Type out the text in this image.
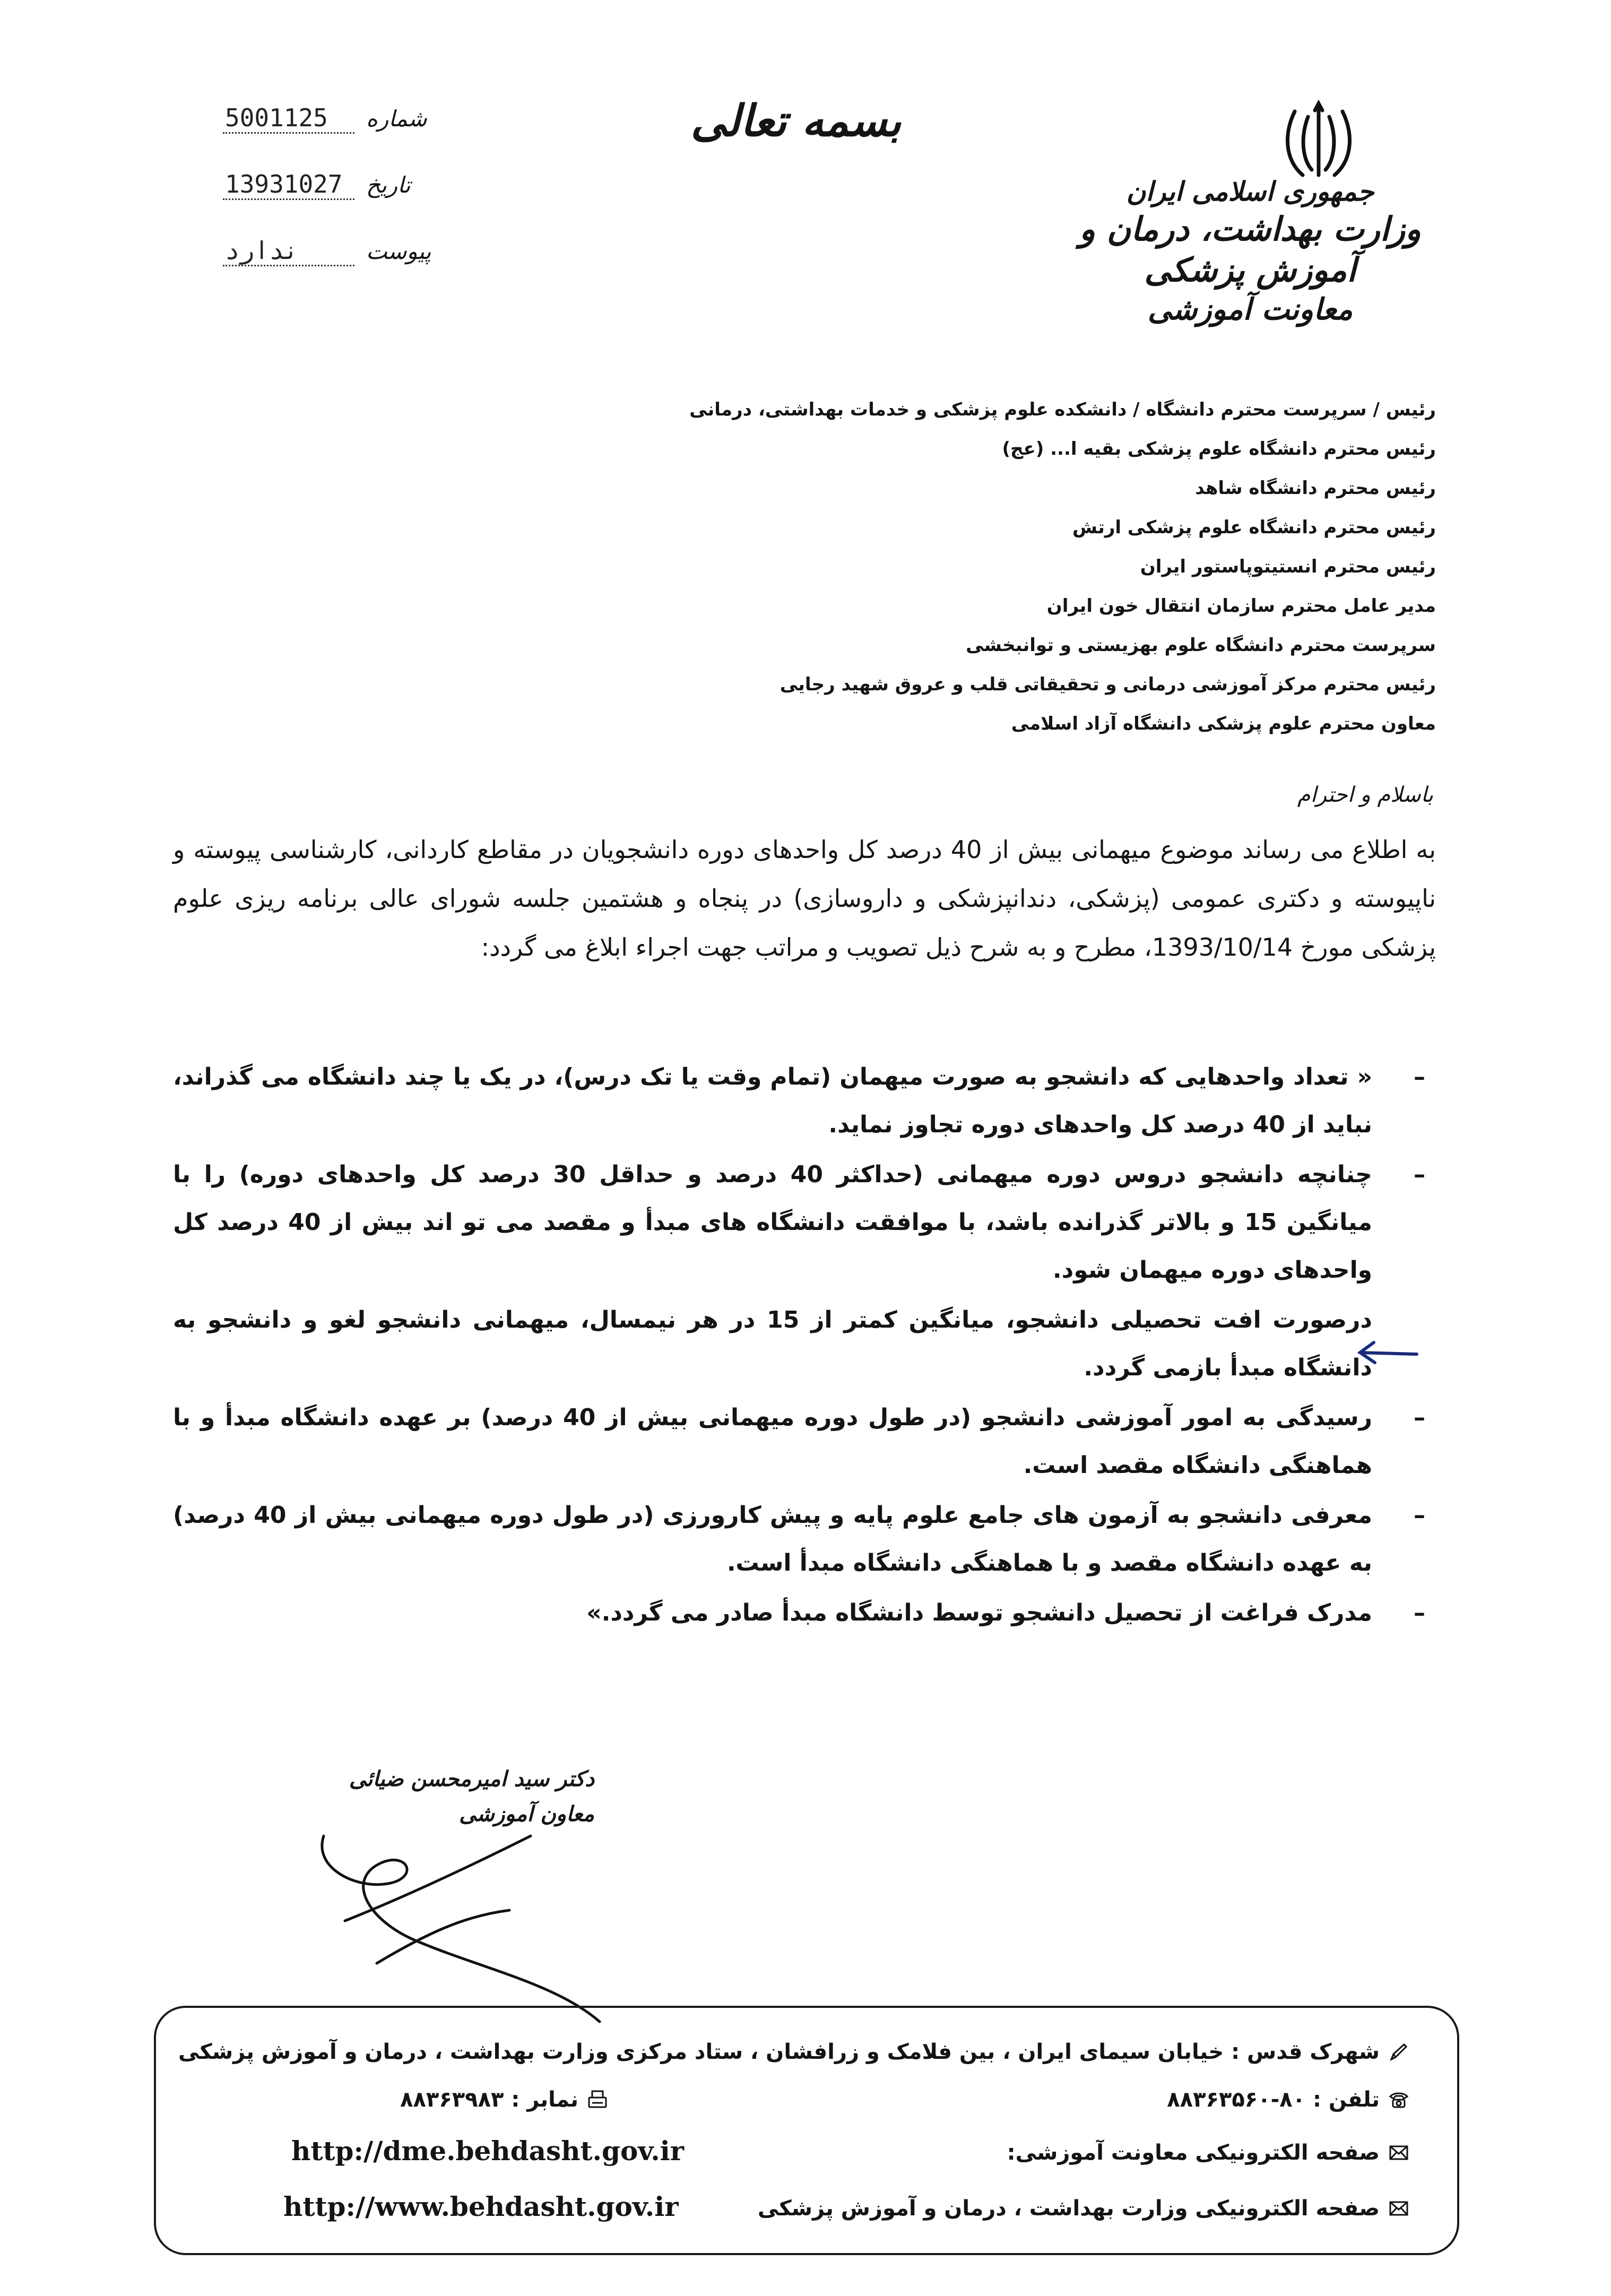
جمهوری اسلامی ایران
وزارت بهداشت، درمان و آموزش پزشکی
معاونت آموزشی
بسمه تعالی
5001125	شماره
13931027	تاریخ
ندارد	پیوست
رئیس / سرپرست محترم دانشگاه / دانشکده علوم پزشکی و خدمات بهداشتی، درمانی
رئیس محترم دانشگاه علوم پزشکی بقیه ا... (عج)
رئیس محترم دانشگاه شاهد
رئیس محترم دانشگاه علوم پزشکی ارتش
رئیس محترم انستیتوپاستور ایران
مدیر عامل محترم سازمان انتقال خون ایران
سرپرست محترم دانشگاه علوم بهزیستی و توانبخشی
رئیس محترم مرکز آموزشی درمانی و تحقیقاتی قلب و عروق شهید رجایی
معاون محترم علوم پزشکی دانشگاه آزاد اسلامی
باسلام و احترام
به اطلاع می رساند موضوع میهمانی بیش از 40 درصد کل واحدهای دوره دانشجویان در مقاطع کاردانی، کارشناسی پیوسته و ناپیوسته و دکتری عمومی (پزشکی، دندانپزشکی و داروسازی) در پنجاه و هشتمین جلسه شورای عالی برنامه ریزی علوم پزشکی مورخ 1393/10/14، مطرح و به شرح ذیل تصویب و مراتب جهت اجراء ابلاغ می گردد:
–
« تعداد واحدهایی که دانشجو به صورت میهمان (تمام وقت یا تک درس)، در یک یا چند دانشگاه می گذراند، نباید از 40 درصد کل واحدهای دوره تجاوز نماید.
–
چنانچه دانشجو دروس دوره میهمانی (حداکثر 40 درصد و حداقل 30 درصد کل واحدهای دوره) را با میانگین 15 و بالاتر گذرانده باشد، با موافقت دانشگاه های مبدأ و مقصد می تو اند بیش از 40 درصد کل واحدهای دوره میهمان شود.
درصورت افت تحصیلی دانشجو، میانگین کمتر از 15 در هر نیمسال، میهمانی دانشجو لغو و دانشجو به دانشگاه مبدأ بازمی گردد.
–
رسیدگی به امور آموزشی دانشجو (در طول دوره میهمانی بیش از 40 درصد) بر عهده دانشگاه مبدأ و با هماهنگی دانشگاه مقصد است.
–
معرفی دانشجو به آزمون های جامع علوم پایه و پیش کارورزی (در طول دوره میهمانی بیش از 40 درصد) به عهده دانشگاه مقصد و با هماهنگی دانشگاه مبدأ است.
–
مدرک فراغت از تحصیل دانشجو توسط دانشگاه مبدأ صادر می گردد.»
دکتر سید امیرمحسن ضیائی
معاون آموزشی
شهرک قدس : خیابان سیمای ایران ، بین فلامک و زرافشان ، ستاد مرکزی وزارت بهداشت ، درمان و آموزش پزشکی
تلفن : ۸۰-۸۸۳۶۳۵۶۰
نمابر : ۸۸۳۶۳۹۸۳
صفحه الکترونیکی معاونت آموزشی:
http://dme.behdasht.gov.ir
صفحه الکترونیکی وزارت بهداشت ، درمان و آموزش پزشکی
http://www.behdasht.gov.ir
